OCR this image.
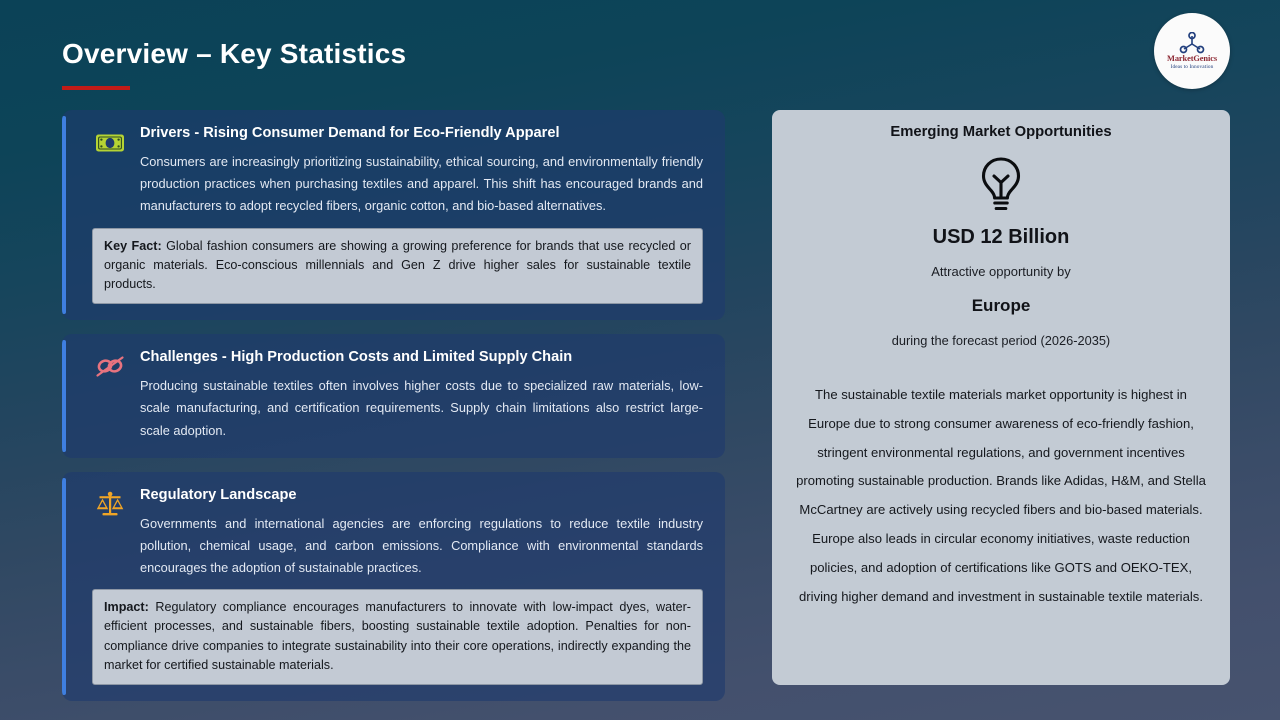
Overview – Key Statistics	MarketGenics
Ideas to Innovation
Drivers - Rising Consumer Demand for Eco-Friendly Apparel
Consumers are increasingly prioritizing sustainability, ethical sourcing, and environmentally friendly production practices when purchasing textiles and apparel. This shift has encouraged brands and manufacturers to adopt recycled fibers, organic cotton, and bio-based alternatives.
Key Fact: Global fashion consumers are showing a growing preference for brands that use recycled or organic materials. Eco-conscious millennials and Gen Z drive higher sales for sustainable textile products.
Challenges - High Production Costs and Limited Supply Chain
Producing sustainable textiles often involves higher costs due to specialized raw materials, low-scale manufacturing, and certification requirements. Supply chain limitations also restrict large-scale adoption.
Regulatory Landscape
Governments and international agencies are enforcing regulations to reduce textile industry pollution, chemical usage, and carbon emissions. Compliance with environmental standards encourages the adoption of sustainable practices.
Impact: Regulatory compliance encourages manufacturers to innovate with low-impact dyes, water-efficient processes, and sustainable fibers, boosting sustainable textile adoption. Penalties for non-compliance drive companies to integrate sustainability into their core operations, indirectly expanding the market for certified sustainable materials.
Emerging Market Opportunities
USD 12 Billion
Attractive opportunity by
Europe
during the forecast period (2026-2035)
The sustainable textile materials market opportunity is highest in Europe due to strong consumer awareness of eco-friendly fashion, stringent environmental regulations, and government incentives promoting sustainable production. Brands like Adidas, H&M, and Stella McCartney are actively using recycled fibers and bio-based materials. Europe also leads in circular economy initiatives, waste reduction policies, and adoption of certifications like GOTS and OEKO-TEX, driving higher demand and investment in sustainable textile materials.
